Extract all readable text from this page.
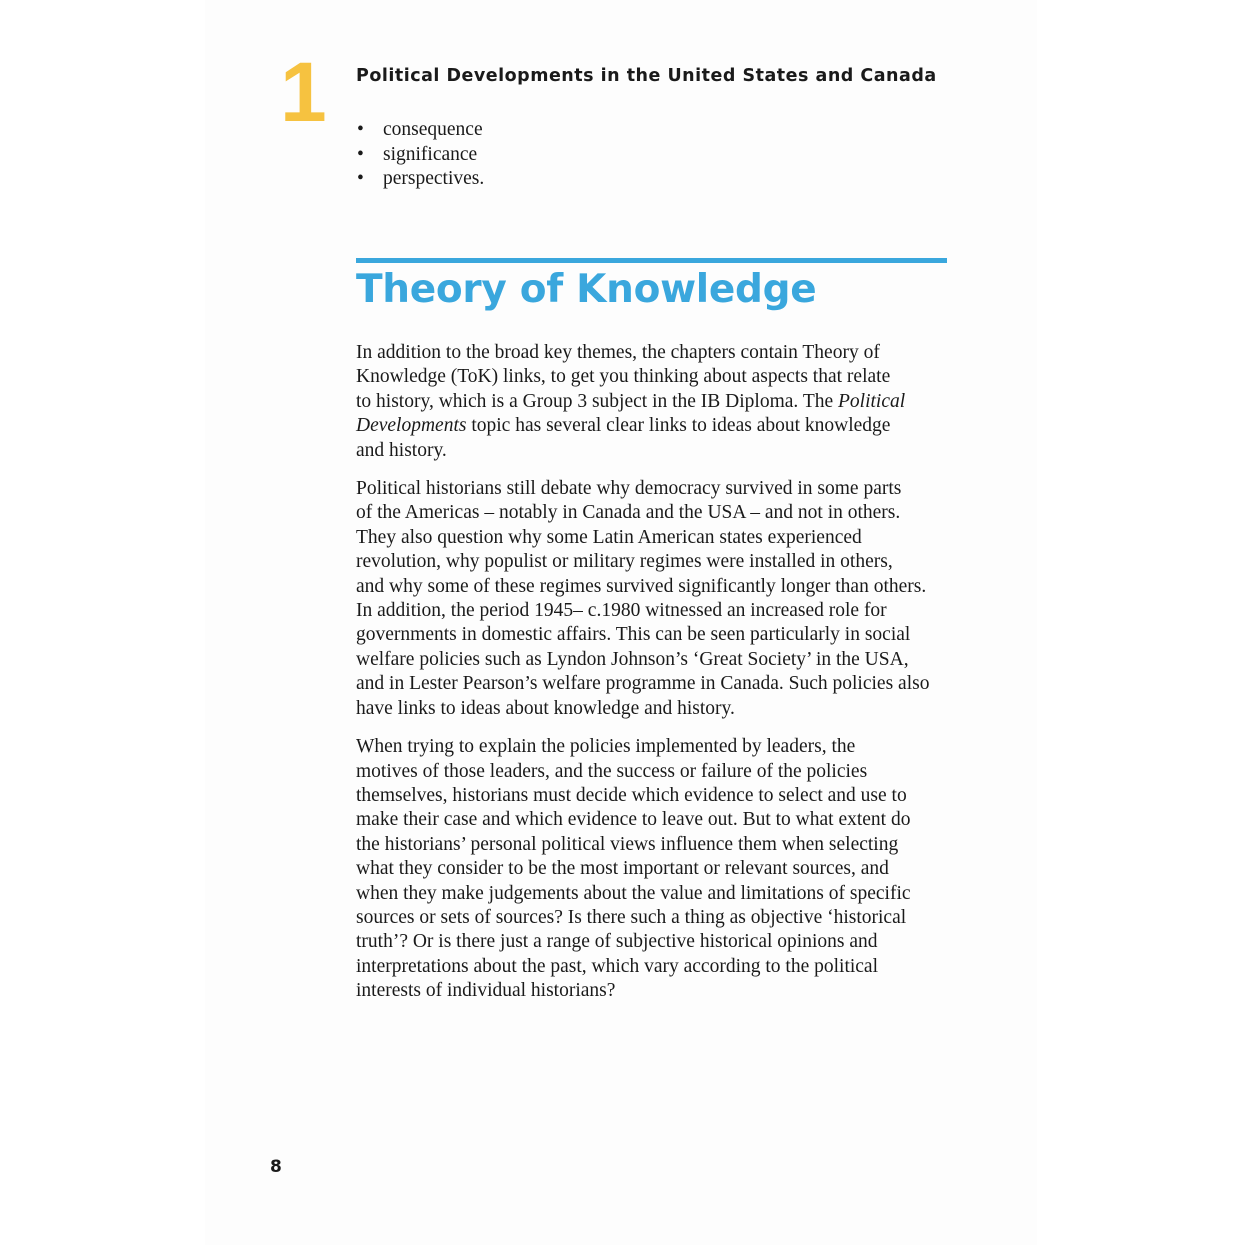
1 Political Developments in the United States and Canada
• consequence
• significance
• perspectives.
Theory of Knowledge

In addition to the broad key themes, the chapters contain Theory of
Knowledge (ToK) links, to get you thinking about aspects that relate
to history, which is a Group 3 subject in the IB Diploma. The Political
Developments topic has several clear links to ideas about knowledge
and history.

Political historians still debate why democracy survived in some parts
of the Americas – notably in Canada and the USA – and not in others.
They also question why some Latin American states experienced
revolution, why populist or military regimes were installed in others,
and why some of these regimes survived significantly longer than others.
In addition, the period 1945– c.1980 witnessed an increased role for
governments in domestic affairs. This can be seen particularly in social
welfare policies such as Lyndon Johnson’s ‘Great Society’ in the USA,
and in Lester Pearson’s welfare programme in Canada. Such policies also
have links to ideas about knowledge and history.

When trying to explain the policies implemented by leaders, the
motives of those leaders, and the success or failure of the policies
themselves, historians must decide which evidence to select and use to
make their case and which evidence to leave out. But to what extent do
the historians’ personal political views influence them when selecting
what they consider to be the most important or relevant sources, and
when they make judgements about the value and limitations of specific
sources or sets of sources? Is there such a thing as objective ‘historical
truth’? Or is there just a range of subjective historical opinions and
interpretations about the past, which vary according to the political
interests of individual historians?

8
